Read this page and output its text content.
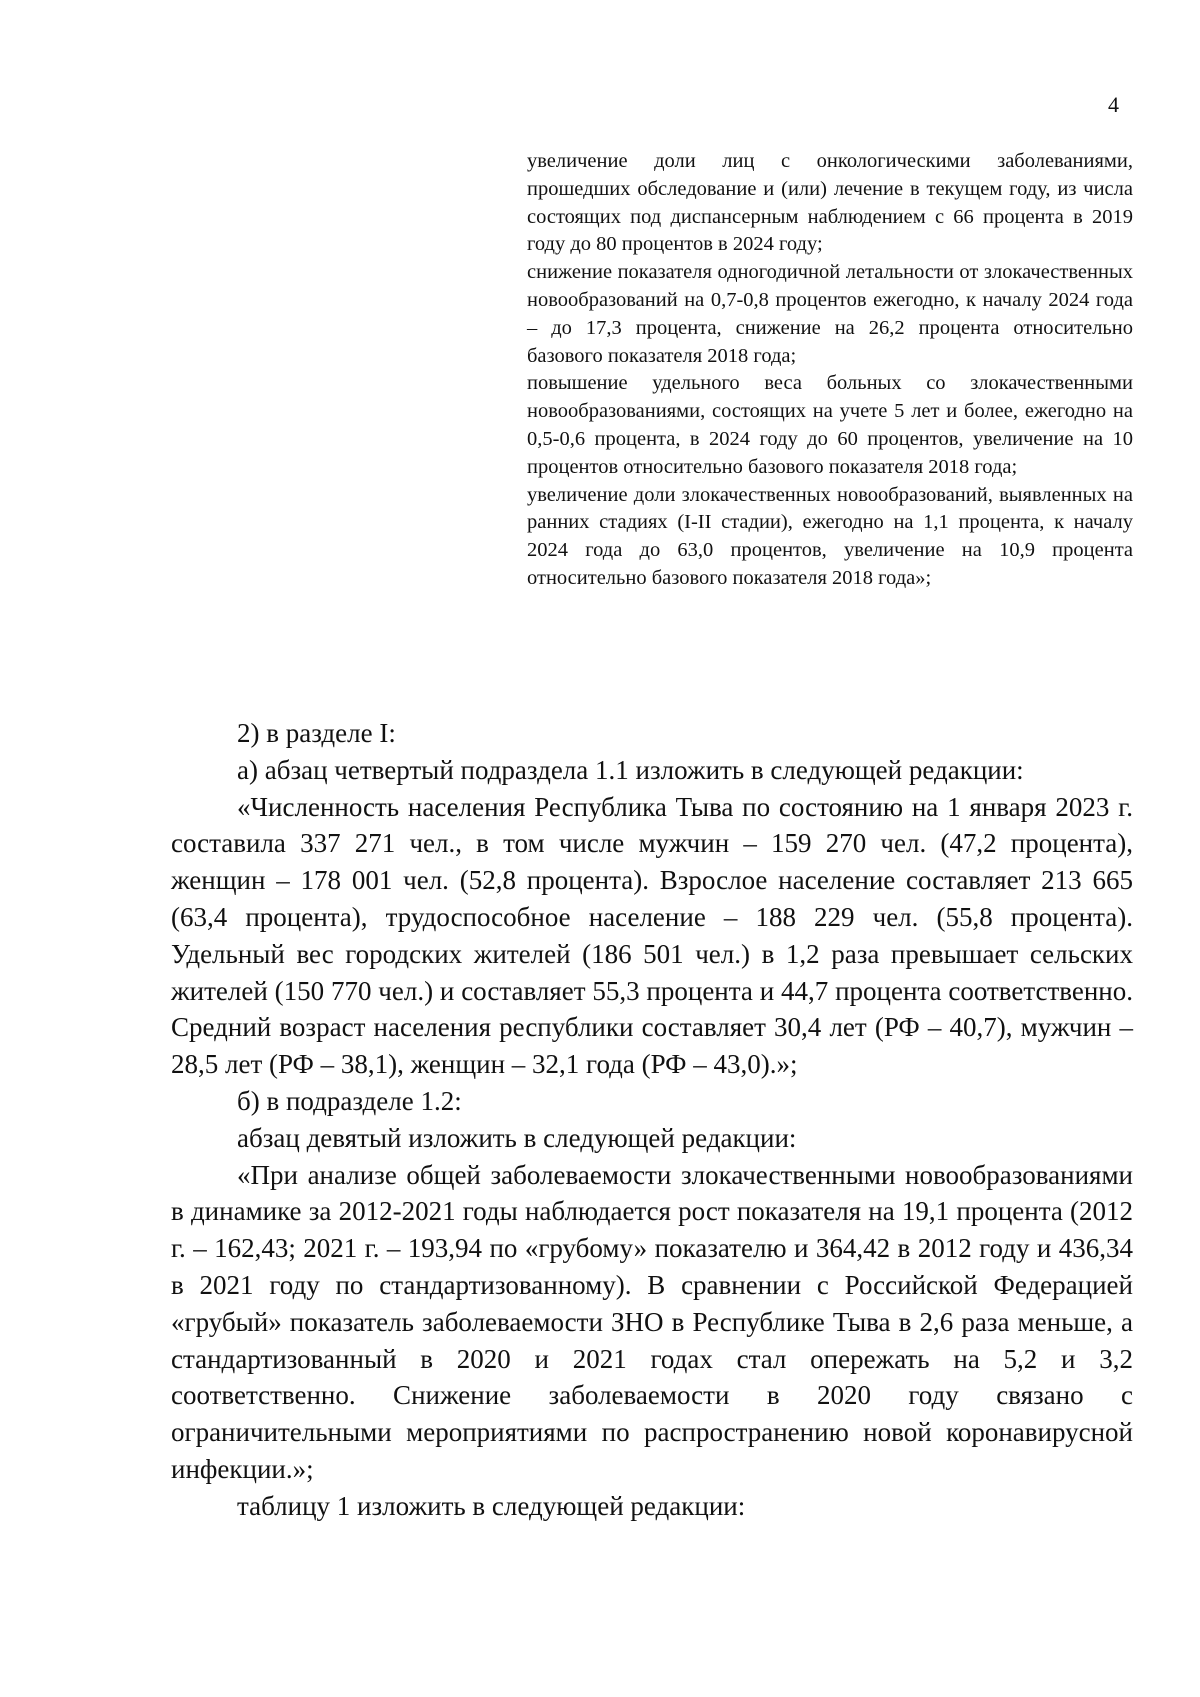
4

увеличение доли лиц с онкологическими заболеваниями, прошедших обследование и (или) лечение в текущем году, из числа состоящих под диспансерным наблюдением с 66 процента в 2019 году до 80 процентов в 2024 году;

снижение показателя одногодичной летальности от злокачественных новообразований на 0,7-0,8 процентов ежегодно, к началу 2024 года – до 17,3 процента, снижение на 26,2 процента относительно базового показателя 2018 года;

повышение удельного веса больных со злокачественными новообразованиями, состоящих на учете 5 лет и более, ежегодно на 0,5-0,6 процента, в 2024 году до 60 процентов, увеличение на 10 процентов относительно базового показателя 2018 года;

увеличение доли злокачественных новообразований, выявленных на ранних стадиях (I-II стадии), ежегодно на 1,1 процента, к началу 2024 года до 63,0 процентов, увеличение на 10,9 процента относительно базового показателя 2018 года»;

2) в разделе I:

а) абзац четвертый подраздела 1.1 изложить в следующей редакции:

«Численность населения Республика Тыва по состоянию на 1 января 2023 г. составила 337 271 чел., в том числе мужчин – 159 270 чел. (47,2 процента), женщин – 178 001 чел. (52,8 процента). Взрослое население составляет 213 665 (63,4 процента), трудоспособное население – 188 229 чел. (55,8 процента). Удельный вес городских жителей (186 501 чел.) в 1,2 раза превышает сельских жителей (150 770 чел.) и составляет 55,3 процента и 44,7 процента соответственно. Средний возраст населения республики составляет 30,4 лет (РФ – 40,7), мужчин – 28,5 лет (РФ – 38,1), женщин – 32,1 года (РФ – 43,0).»;

б) в подразделе 1.2:

абзац девятый изложить в следующей редакции:

«При анализе общей заболеваемости злокачественными новообразованиями в динамике за 2012-2021 годы наблюдается рост показателя на 19,1 процента (2012 г. – 162,43; 2021 г. – 193,94 по «грубому» показателю и 364,42 в 2012 году и 436,34 в 2021 году по стандартизованному). В сравнении с Российской Федерацией «грубый» показатель заболеваемости ЗНО в Республике Тыва в 2,6 раза меньше, а стандартизованный в 2020 и 2021 годах стал опережать на 5,2 и 3,2 соответственно. Снижение заболеваемости в 2020 году связано с ограничительными мероприятиями по распространению новой коронавирусной инфекции.»;

таблицу 1 изложить в следующей редакции:
